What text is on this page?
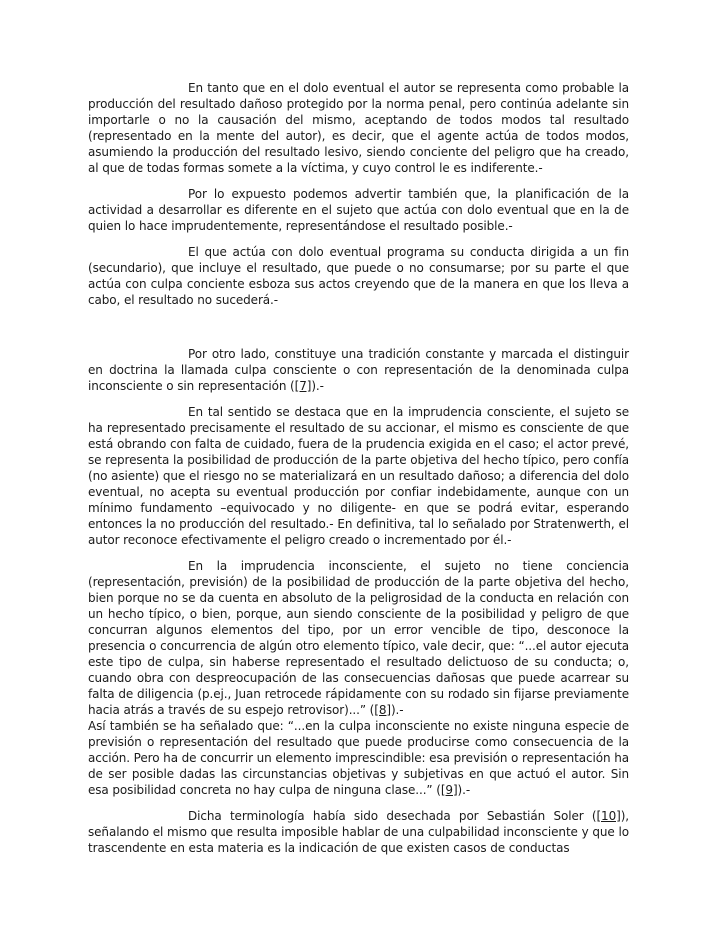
En tanto que en el dolo eventual el autor se representa como probable la producción del resultado dañoso protegido por la norma penal, pero continúa adelante sin importarle o no la causación del mismo, aceptando de todos modos tal resultado (representado en la mente del autor), es decir, que el agente actúa de todos modos, asumiendo la producción del resultado lesivo, siendo conciente del peligro que ha creado, al que de todas formas somete a la víctima, y cuyo control le es indiferente.-

Por lo expuesto podemos advertir también que, la planificación de la actividad a desarrollar es diferente en el sujeto que actúa con dolo eventual que en la de quien lo hace imprudentemente, representándose el resultado posible.-

El que actúa con dolo eventual programa su conducta dirigida a un fin (secundario), que incluye el resultado, que puede o no consumarse; por su parte el que actúa con culpa conciente esboza sus actos creyendo que de la manera en que los lleva a cabo, el resultado no sucederá.-

Por otro lado, constituye una tradición constante y marcada el distinguir en doctrina la llamada culpa consciente o con representación de la denominada culpa inconsciente o sin representación ([7]).-

En tal sentido se destaca que en la imprudencia consciente, el sujeto se ha representado precisamente el resultado de su accionar, el mismo es consciente de que está obrando con falta de cuidado, fuera de la prudencia exigida en el caso; el actor prevé, se representa la posibilidad de producción de la parte objetiva del hecho típico, pero confía (no asiente) que el riesgo no se materializará en un resultado dañoso; a diferencia del dolo eventual, no acepta su eventual producción por confiar indebidamente, aunque con un mínimo fundamento –equivocado y no diligente- en que se podrá evitar, esperando entonces la no producción del resultado.- En definitiva, tal lo señalado por Stratenwerth, el autor reconoce efectivamente el peligro creado o incrementado por él.-

En la imprudencia inconsciente, el sujeto no tiene conciencia (representación, previsión) de la posibilidad de producción de la parte objetiva del hecho, bien porque no se da cuenta en absoluto de la peligrosidad de la conducta en relación con un hecho típico, o bien, porque, aun siendo consciente de la posibilidad y peligro de que concurran algunos elementos del tipo, por un error vencible de tipo, desconoce la presencia o concurrencia de algún otro elemento típico, vale decir, que: “...el autor ejecuta este tipo de culpa, sin haberse representado el resultado delictuoso de su conducta; o, cuando obra con despreocupación de las consecuencias dañosas que puede acarrear su falta de diligencia (p.ej., Juan retrocede rápidamente con su rodado sin fijarse previamente hacia atrás a través de su espejo retrovisor)...” ([8]).-

Así también se ha señalado que: “...en la culpa inconsciente no existe ninguna especie de previsión o representación del resultado que puede producirse como consecuencia de la acción. Pero ha de concurrir un elemento imprescindible: esa previsión o representación ha de ser posible dadas las circunstancias objetivas y subjetivas en que actuó el autor. Sin esa posibilidad concreta no hay culpa de ninguna clase...” ([9]).-

Dicha terminología había sido desechada por Sebastián Soler ([10]), señalando el mismo que resulta imposible hablar de una culpabilidad inconsciente y que lo trascendente en esta materia es la indicación de que existen casos de conductas
